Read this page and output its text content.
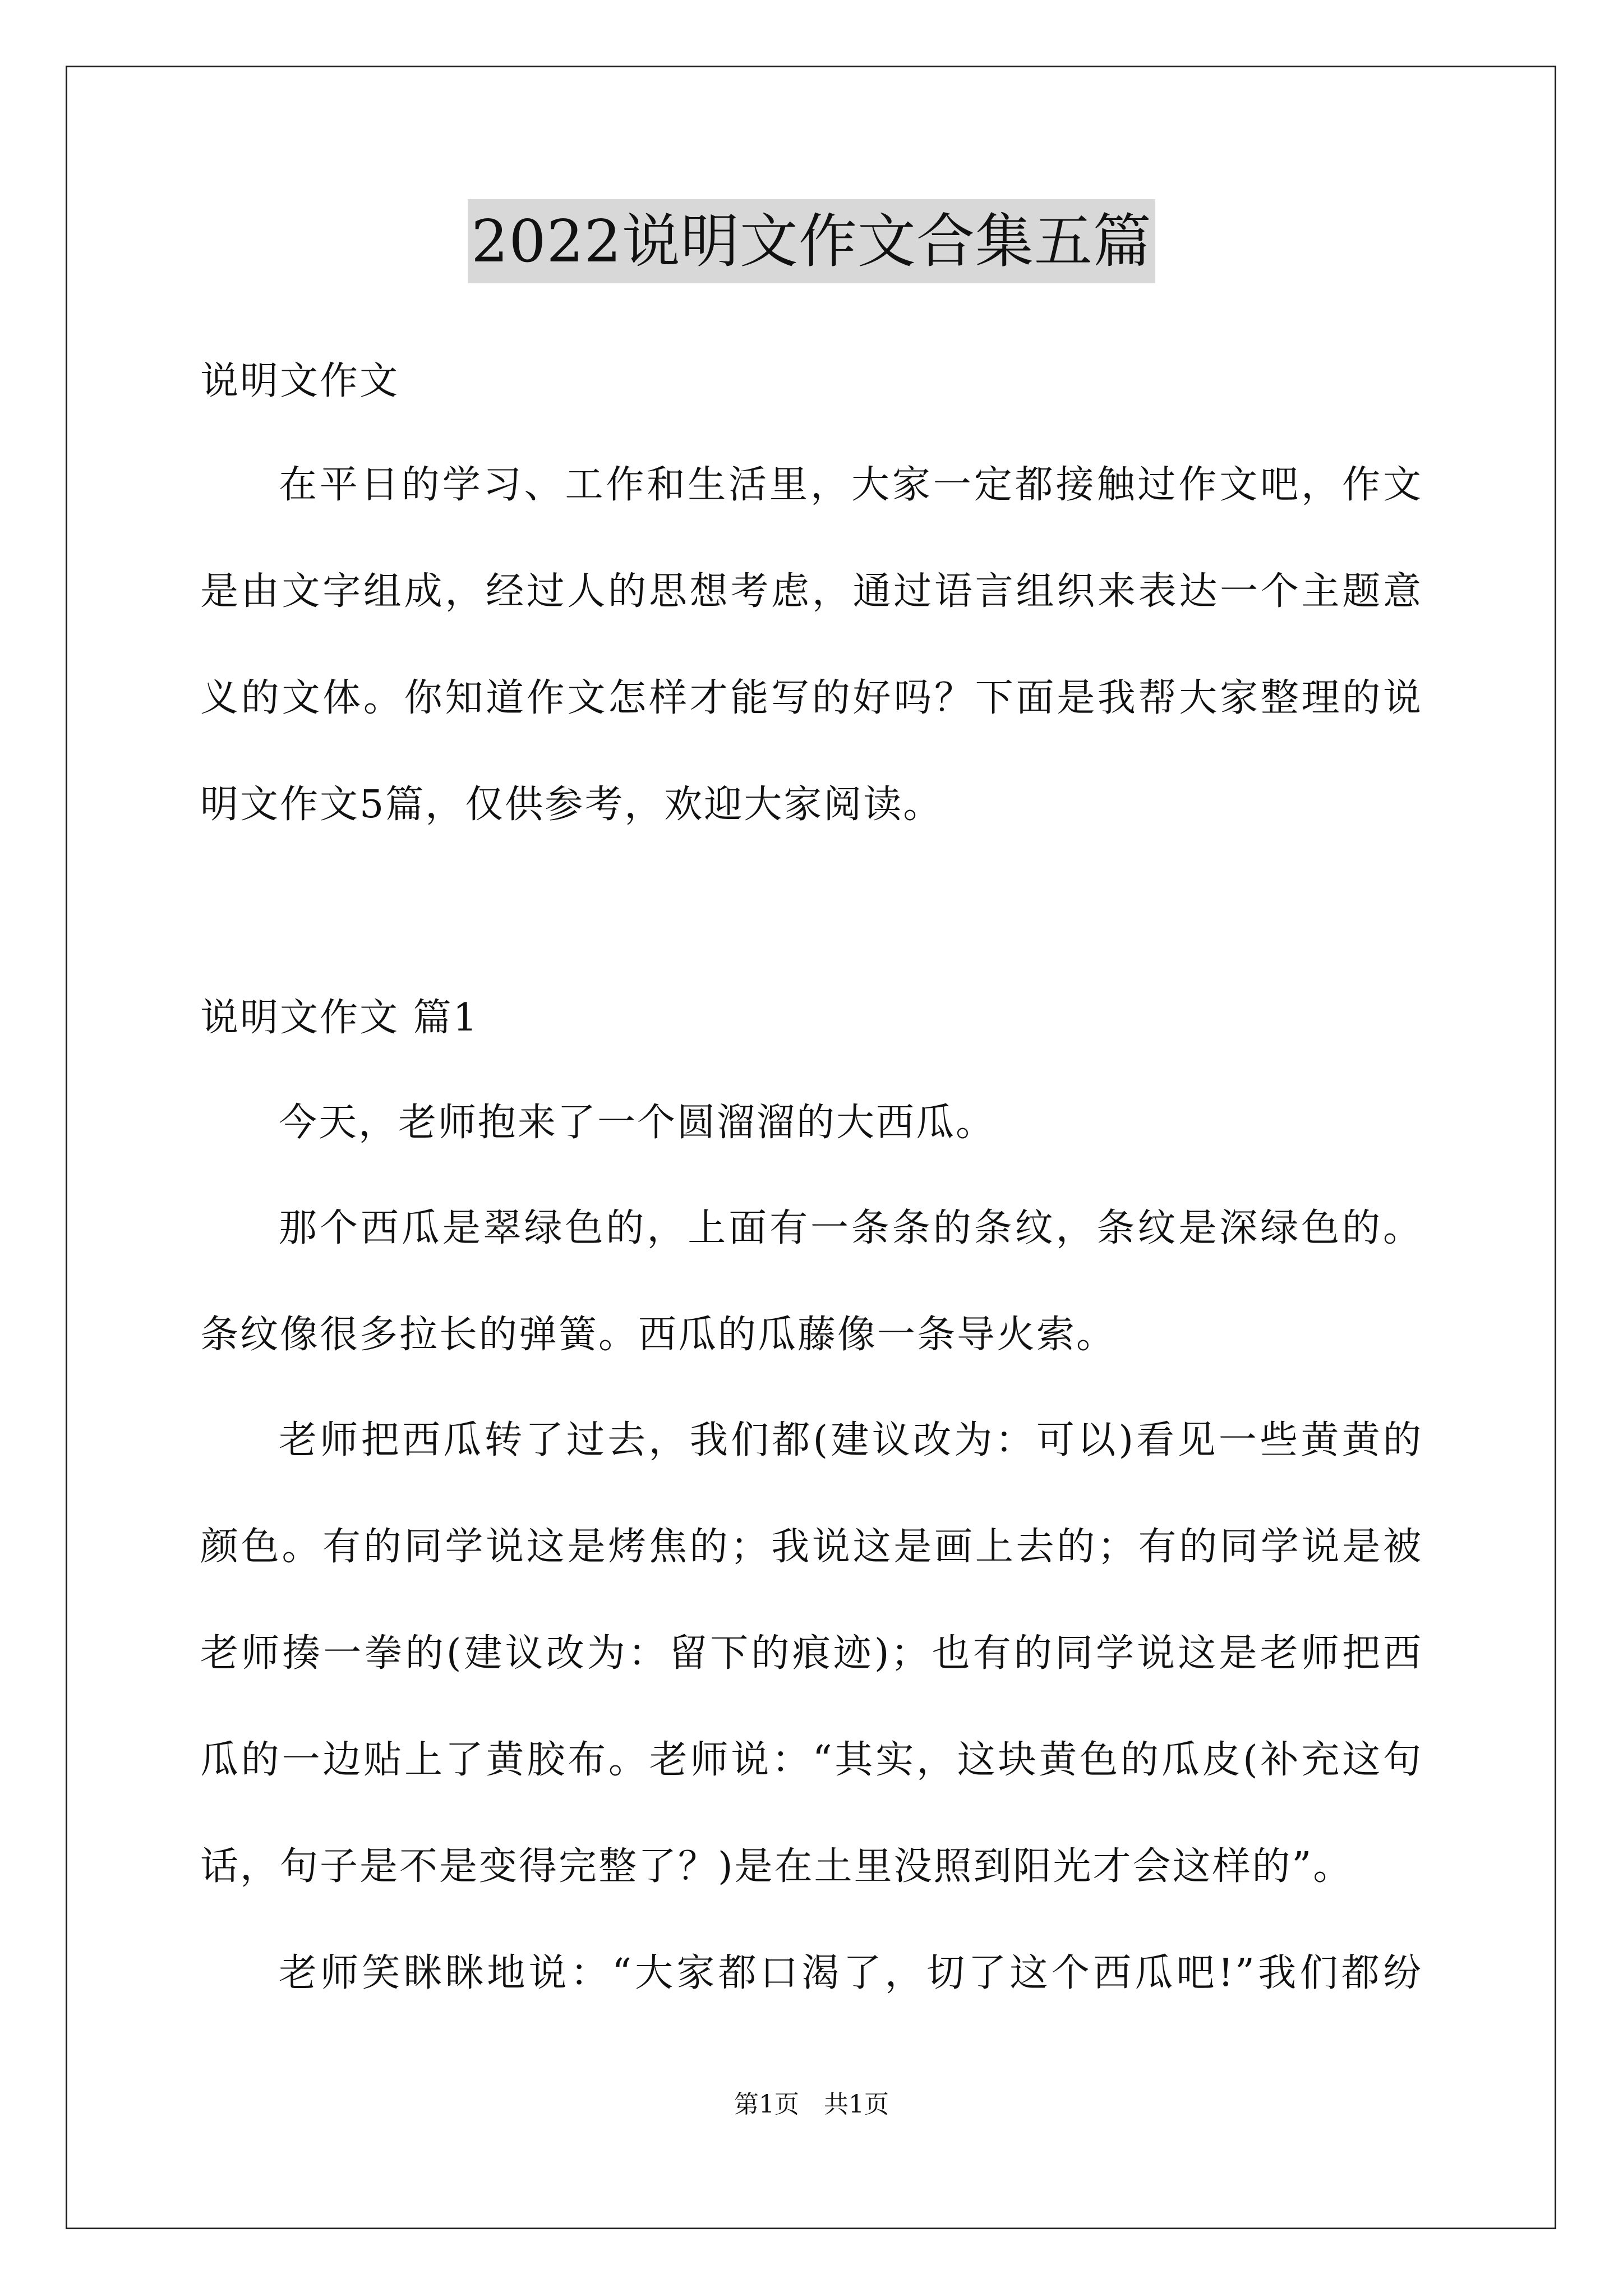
2022说明文作文合集五篇
说明文作文
在平日的学习、工作和生活里，大家一定都接触过作文吧，作文
是由文字组成，经过人的思想考虑，通过语言组织来表达一个主题意
义的文体。你知道作文怎样才能写的好吗？下面是我帮大家整理的说
明文作文5篇，仅供参考，欢迎大家阅读。
说明文作文 篇1
今天，老师抱来了一个圆溜溜的大西瓜。
那个西瓜是翠绿色的，上面有一条条的条纹，条纹是深绿色的。
条纹像很多拉长的弹簧。西瓜的瓜藤像一条导火索。
老师把西瓜转了过去，我们都(建议改为：可以)看见一些黄黄的
颜色。有的同学说这是烤焦的；我说这是画上去的；有的同学说是被
老师揍一拳的(建议改为：留下的痕迹)；也有的同学说这是老师把西
瓜的一边贴上了黄胶布。老师说：“其实，这块黄色的瓜皮(补充这句
话，句子是不是变得完整了？)是在土里没照到阳光才会这样的”。
老师笑眯眯地说：“大家都口渴了，切了这个西瓜吧!”我们都纷
第1页　共1页
